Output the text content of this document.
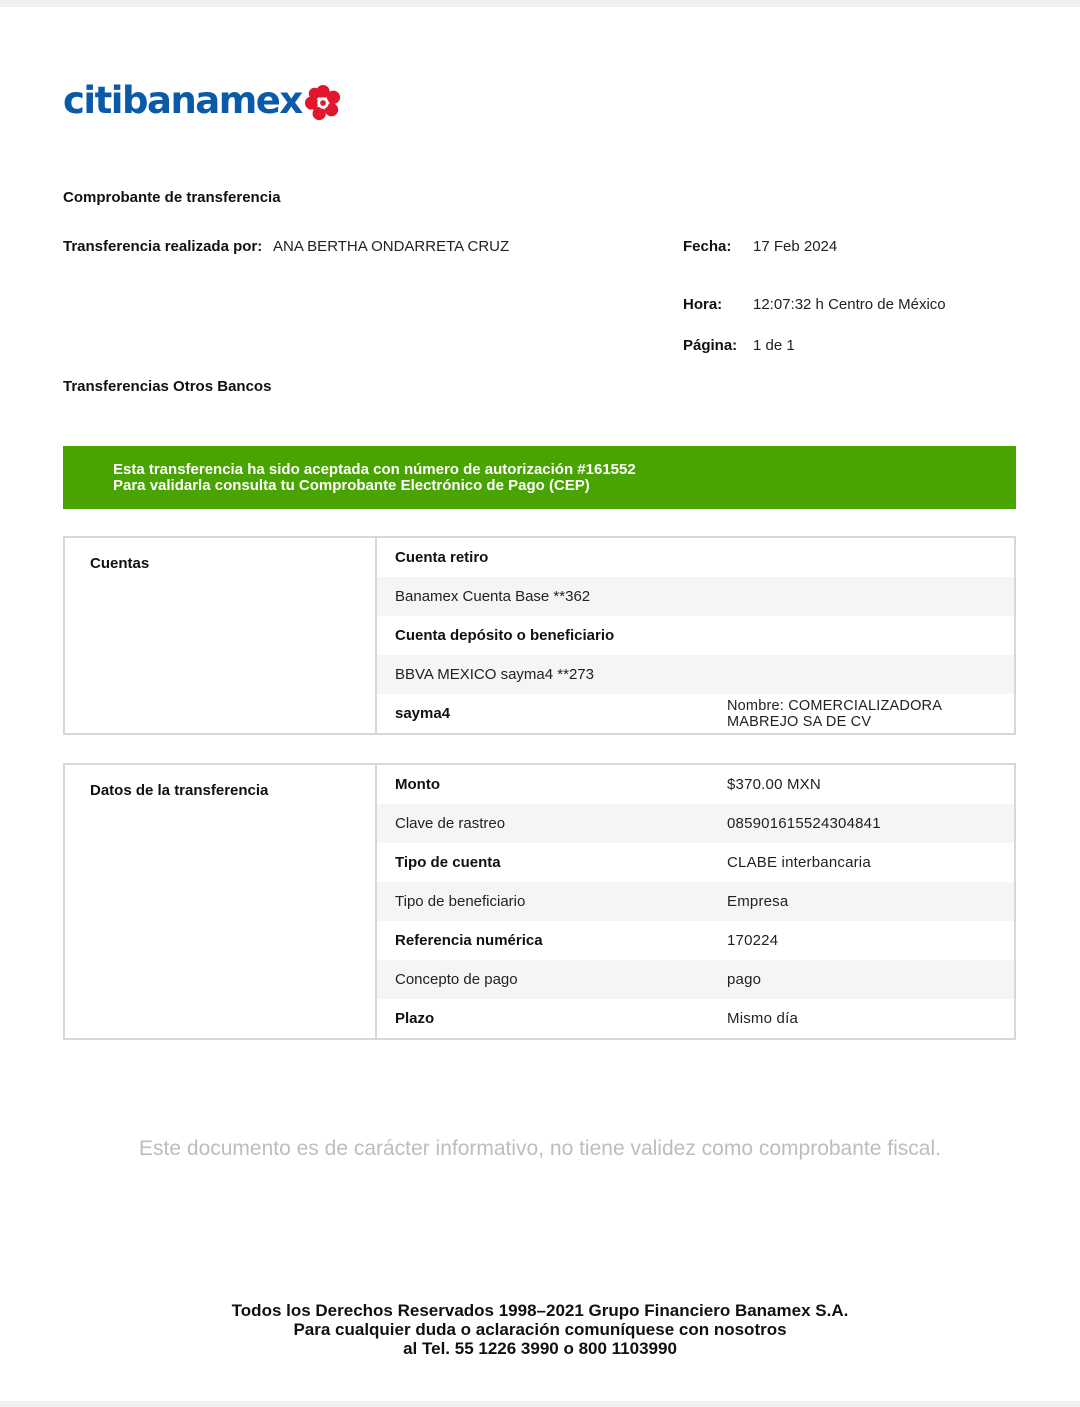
citibanamex
Comprobante de transferencia
Transferencia realizada por: ANA BERTHA ONDARRETA CRUZ	Fecha: 17 Feb 2024
Hora: 12:07:32 h Centro de México
Página: 1 de 1
Transferencias Otros Bancos
Esta transferencia ha sido aceptada con número de autorización #161552
Para validarla consulta tu Comprobante Electrónico de Pago (CEP)
Cuentas	Cuenta retiro
Banamex Cuenta Base **362
Cuenta depósito o beneficiario
BBVA MEXICO sayma4 **273
sayma4	Nombre: COMERCIALIZADORA MABREJO SA DE CV
Datos de la transferencia	Monto	$370.00 MXN
Clave de rastreo	085901615524304841
Tipo de cuenta	CLABE interbancaria
Tipo de beneficiario	Empresa
Referencia numérica	170224
Concepto de pago	pago
Plazo	Mismo día
Este documento es de carácter informativo, no tiene validez como comprobante fiscal.
Todos los Derechos Reservados 1998–2021 Grupo Financiero Banamex S.A.
Para cualquier duda o aclaración comuníquese con nosotros
al Tel. 55 1226 3990 o 800 1103990
